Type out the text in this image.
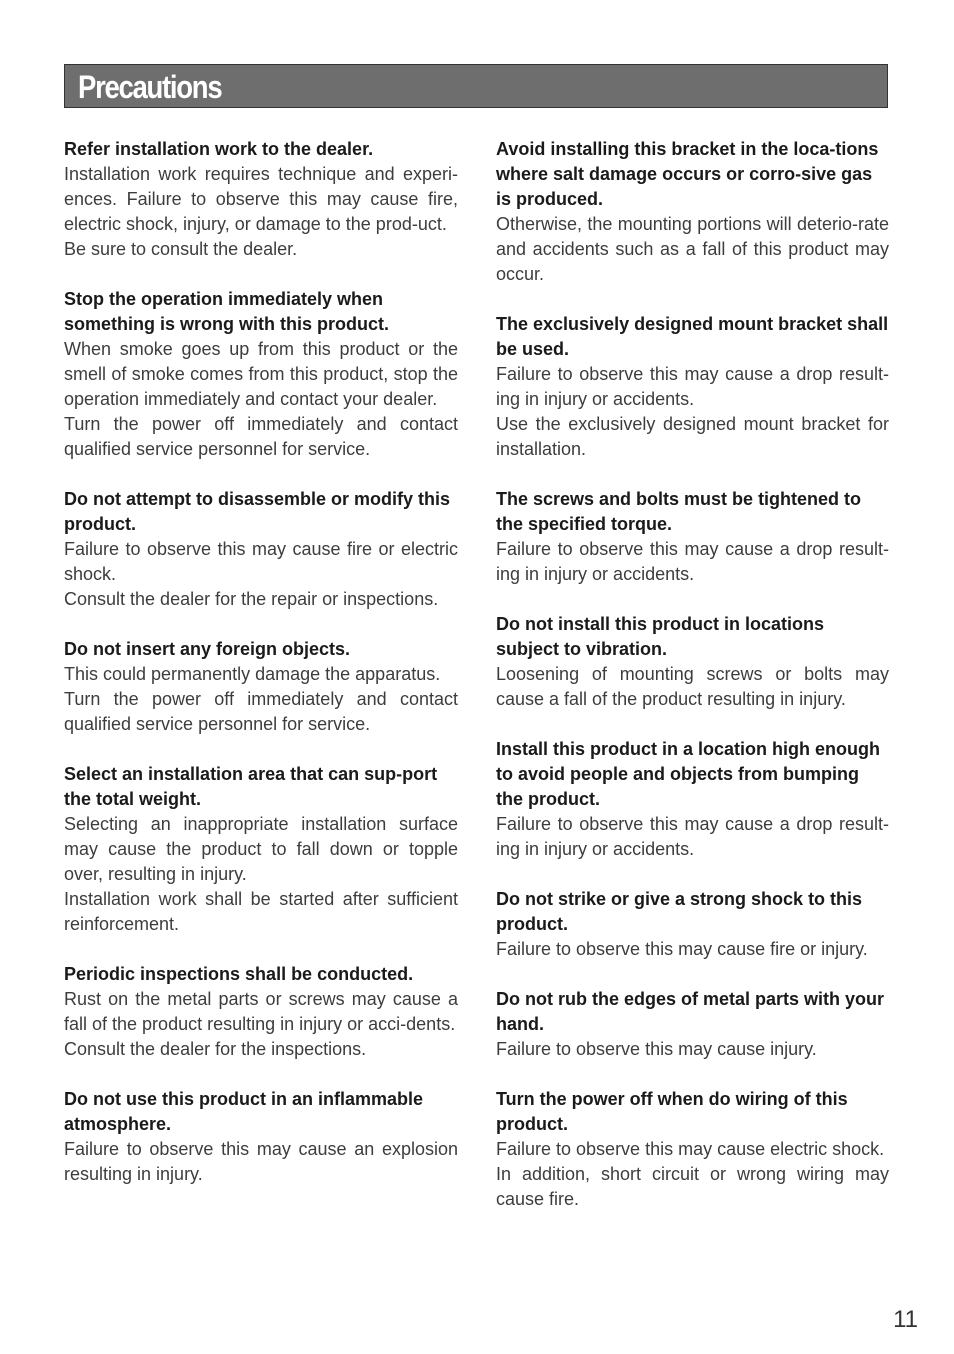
Precautions

Refer installation work to the dealer.

Installation work requires technique and experi-ences. Failure to observe this may cause fire, electric shock, injury, or damage to the prod-uct.

Be sure to consult the dealer.

Stop the operation immediately when something is wrong with this product.

When smoke goes up from this product or the smell of smoke comes from this product, stop the operation immediately and contact your dealer.

Turn the power off immediately and contact qualified service personnel for service.

Do not attempt to disassemble or modify this product.

Failure to observe this may cause fire or electric shock.

Consult the dealer for the repair or inspections.

Do not insert any foreign objects.

This could permanently damage the apparatus.

Turn the power off immediately and contact qualified service personnel for service.

Select an installation area that can sup-port the total weight.

Selecting an inappropriate installation surface may cause the product to fall down or topple over, resulting in injury.

Installation work shall be started after sufficient reinforcement.

Periodic inspections shall be conducted.

Rust on the metal parts or screws may cause a fall of the product resulting in injury or acci-dents.

Consult the dealer for the inspections.

Do not use this product in an inflammable atmosphere.

Failure to observe this may cause an explosion resulting in injury.

Avoid installing this bracket in the loca-tions where salt damage occurs or corro-sive gas is produced.

Otherwise, the mounting portions will deterio-rate and accidents such as a fall of this product may occur.

The exclusively designed mount bracket shall be used.

Failure to observe this may cause a drop result-ing in injury or accidents.

Use the exclusively designed mount bracket for installation.

The screws and bolts must be tightened to the specified torque.

Failure to observe this may cause a drop result-ing in injury or accidents.

Do not install this product in locations subject to vibration.

Loosening of mounting screws or bolts may cause a fall of the product resulting in injury.

Install this product in a location high enough to avoid people and objects from bumping the product.

Failure to observe this may cause a drop result-ing in injury or accidents.

Do not strike or give a strong shock to this product.

Failure to observe this may cause fire or injury.

Do not rub the edges of metal parts with your hand.

Failure to observe this may cause injury.

Turn the power off when do wiring of this product.

Failure to observe this may cause electric shock.

In addition, short circuit or wrong wiring may cause fire.

11
